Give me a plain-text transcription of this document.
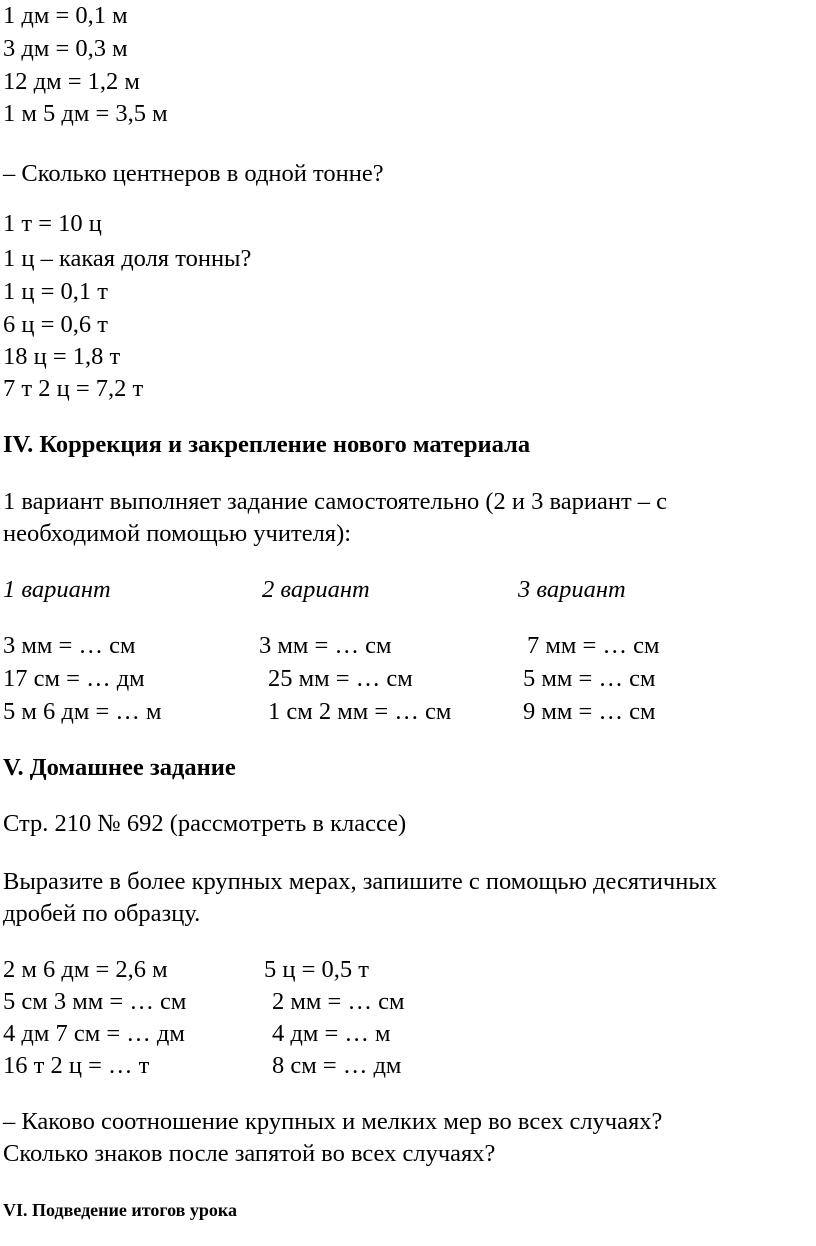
1 дм = 0,1 м
3 дм = 0,3 м
12 дм = 1,2 м
1 м 5 дм = 3,5 м
– Сколько центнеров в одной тонне?
1 т = 10 ц
1 ц – какая доля тонны?
1 ц = 0,1 т
6 ц = 0,6 т
18 ц = 1,8 т
7 т 2 ц = 7,2 т
IV. Коррекция и закрепление нового материала
1 вариант выполняет задание самостоятельно (2 и 3 вариант – с
необходимой помощью учителя):
1 вариант	2 вариант	3 вариант
3 мм = … см
17 см = … дм
5 м 6 дм = … м
3 мм = … см
25 мм = … см
1 см 2 мм = … см
7 мм = … см
5 мм = … см
9 мм = … см
V. Домашнее задание
Стр. 210 № 692 (рассмотреть в классе)
Выразите в более крупных мерах, запишите с помощью десятичных
дробей по образцу.
2 м 6 дм = 2,6 м
5 см 3 мм = … см
4 дм 7 см = … дм
16 т 2 ц = … т
5 ц = 0,5 т
2 мм = … см
4 дм = … м
8 см = … дм
– Каково соотношение крупных и мелких мер во всех случаях?
Сколько знаков после запятой во всех случаях?
VI. Подведение итогов урока
